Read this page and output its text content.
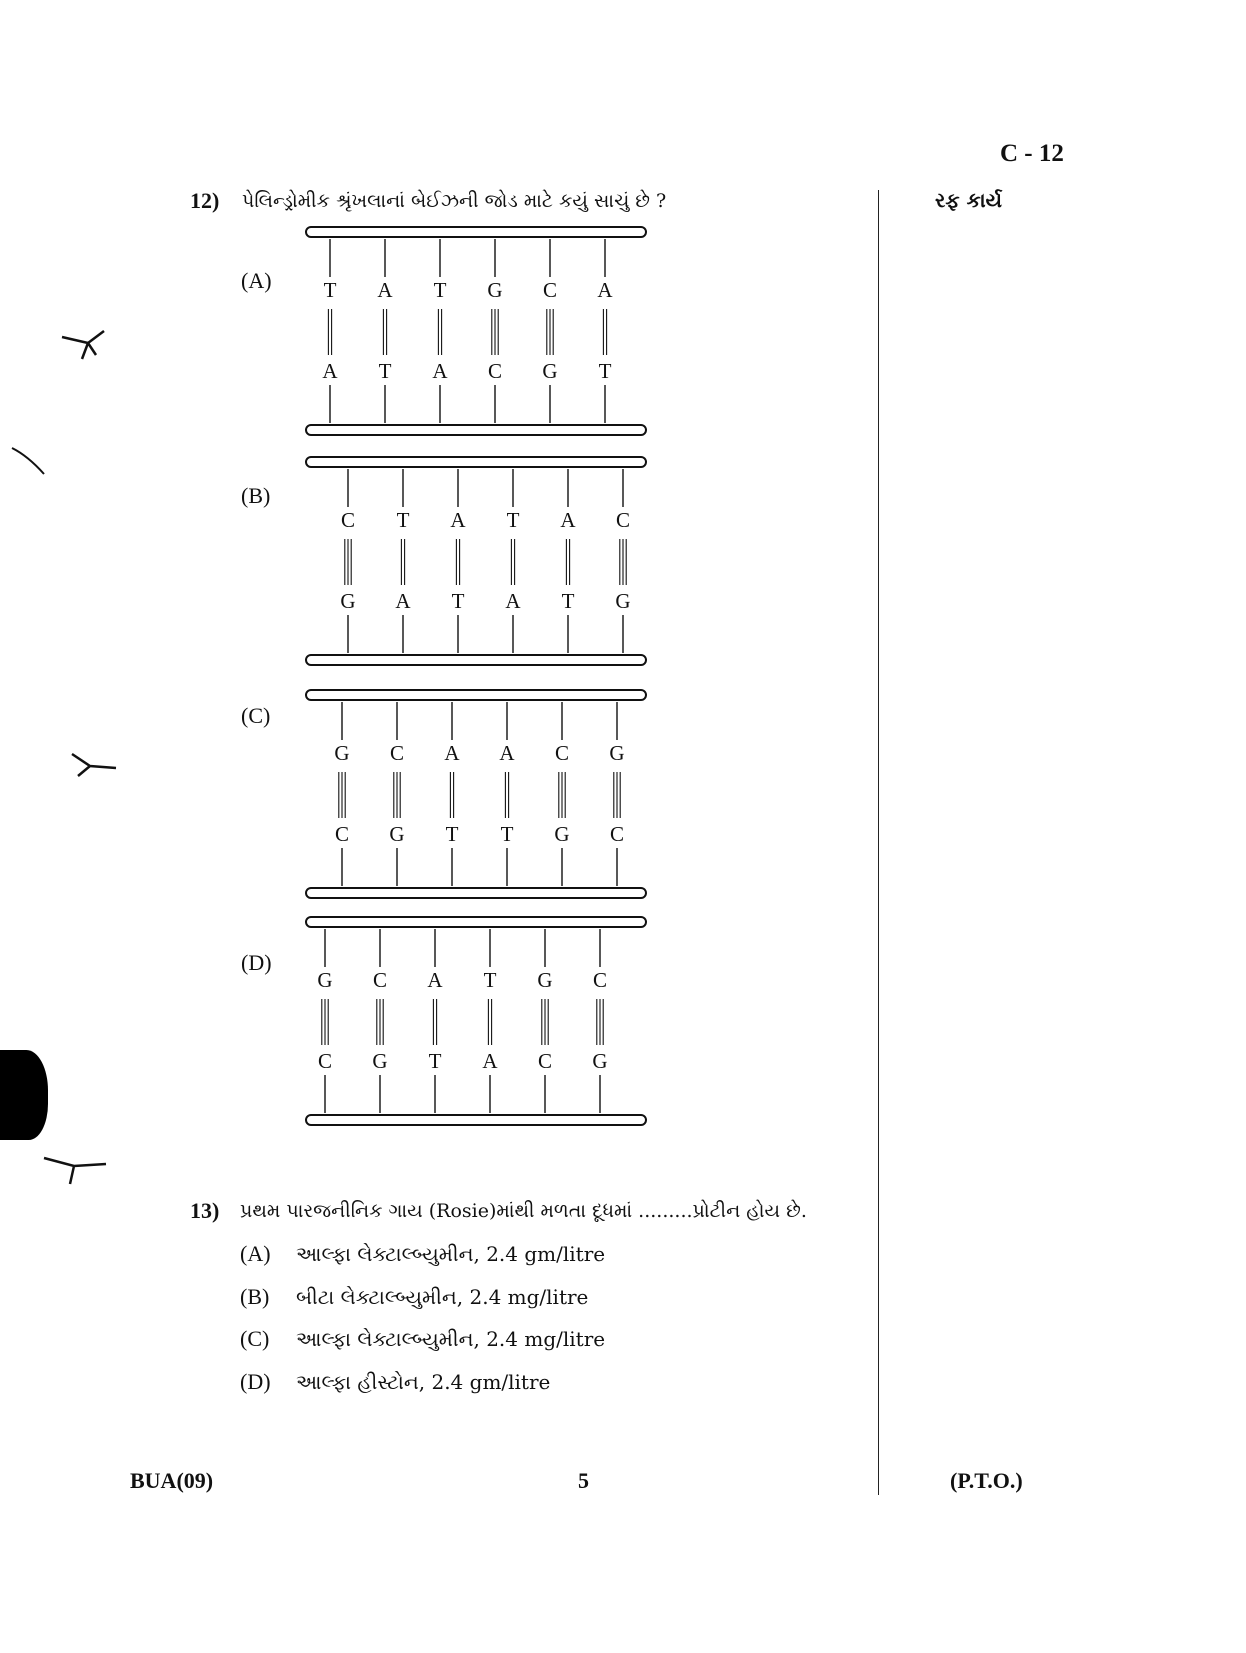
C - 12
રફ કાર્ય
12) પેલિન્ડ્રોમીક શ્રૃંખલાનાં બેઈઝની જોડ માટે કયું સાચું છે ?
(A)
(B)
(C)
(D)
T
A
A
T
T
A
G
C
C
G
A
T
C
G
T
A
A
T
T
A
A
T
C
G
G
C
C
G
A
T
A
T
C
G
G
C
G
C
C
G
A
T
T
A
G
C
C
G
13) પ્રથમ પારજનીનિક ગાય (Rosie)માંથી મળતા દૂધમાં .........પ્રોટીન હોય છે.
(A) આલ્ફા લેક્ટાલ્બ્યુમીન, 2.4 gm/litre
(B) બીટા લેક્ટાલ્બ્યુમીન, 2.4 mg/litre
(C) આલ્ફા લેક્ટાલ્બ્યુમીન, 2.4 mg/litre
(D) આલ્ફા હીસ્ટોન, 2.4 gm/litre
BUA(09)	5	(P.T.O.)
